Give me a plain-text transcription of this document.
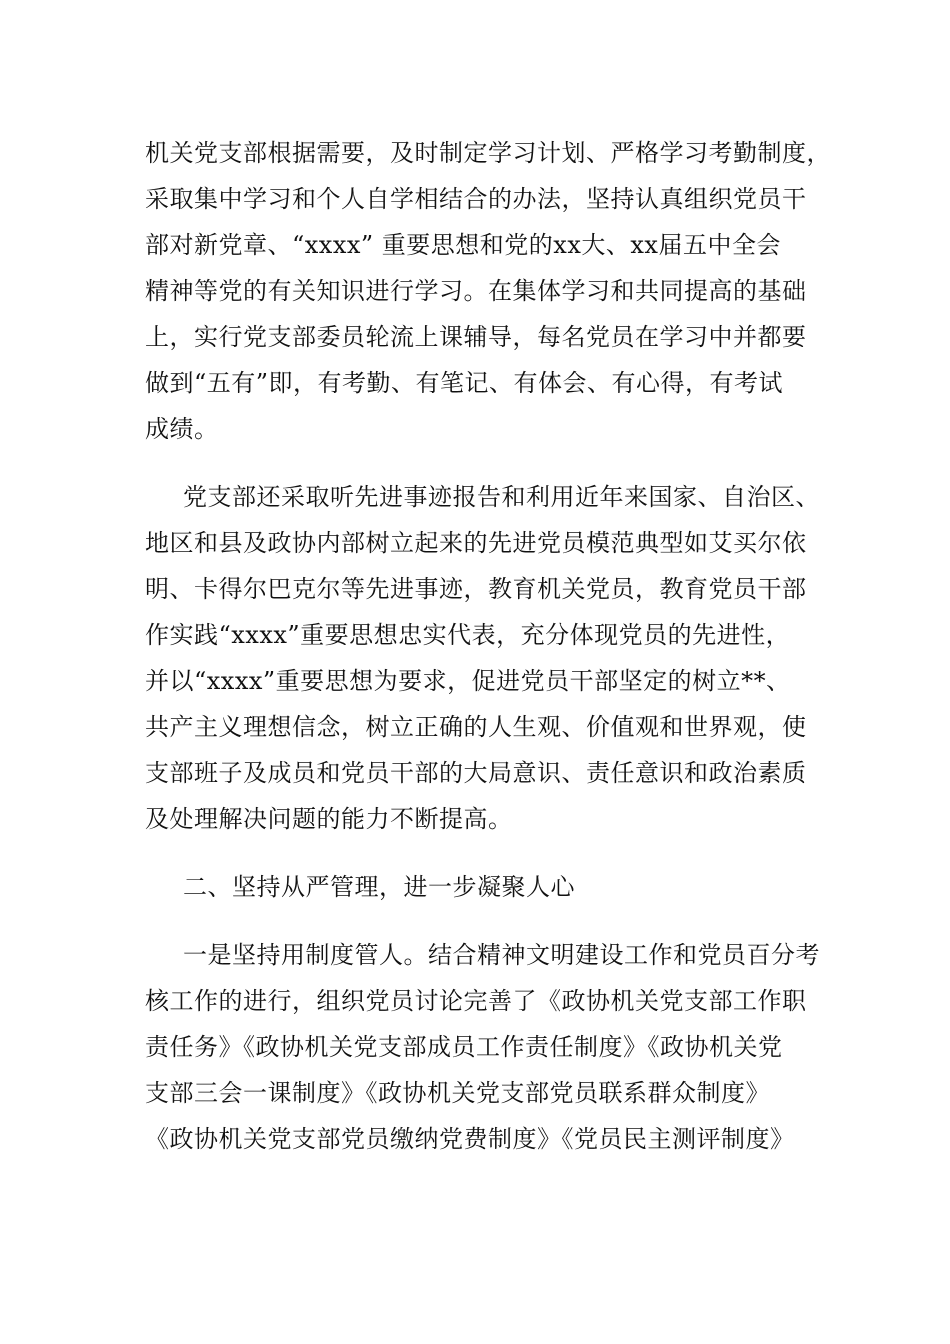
机关党支部根据需要，及时制定学习计划、严格学习考勤制度，
采取集中学习和个人自学相结合的办法，坚持认真组织党员干
部对新党章、“xxxx” 重要思想和党的xx大、xx届五中全会
精神等党的有关知识进行学习。在集体学习和共同提高的基础
上，实行党支部委员轮流上课辅导，每名党员在学习中并都要
做到“五有”即，有考勤、有笔记、有体会、有心得，有考试
成绩。
党支部还采取听先进事迹报告和利用近年来国家、自治区、
地区和县及政协内部树立起来的先进党员模范典型如艾买尔依
明、卡得尔巴克尔等先进事迹，教育机关党员，教育党员干部
作实践“xxxx”重要思想忠实代表，充分体现党员的先进性，
并以“xxxx”重要思想为要求，促进党员干部坚定的树立**、
共产主义理想信念，树立正确的人生观、价值观和世界观，使
支部班子及成员和党员干部的大局意识、责任意识和政治素质
及处理解决问题的能力不断提高。
二、坚持从严管理，进一步凝聚人心
一是坚持用制度管人。结合精神文明建设工作和党员百分考
核工作的进行，组织党员讨论完善了《政协机关党支部工作职
责任务》《政协机关党支部成员工作责任制度》《政协机关党
支部三会一课制度》《政协机关党支部党员联系群众制度》
《政协机关党支部党员缴纳党费制度》《党员民主测评制度》
